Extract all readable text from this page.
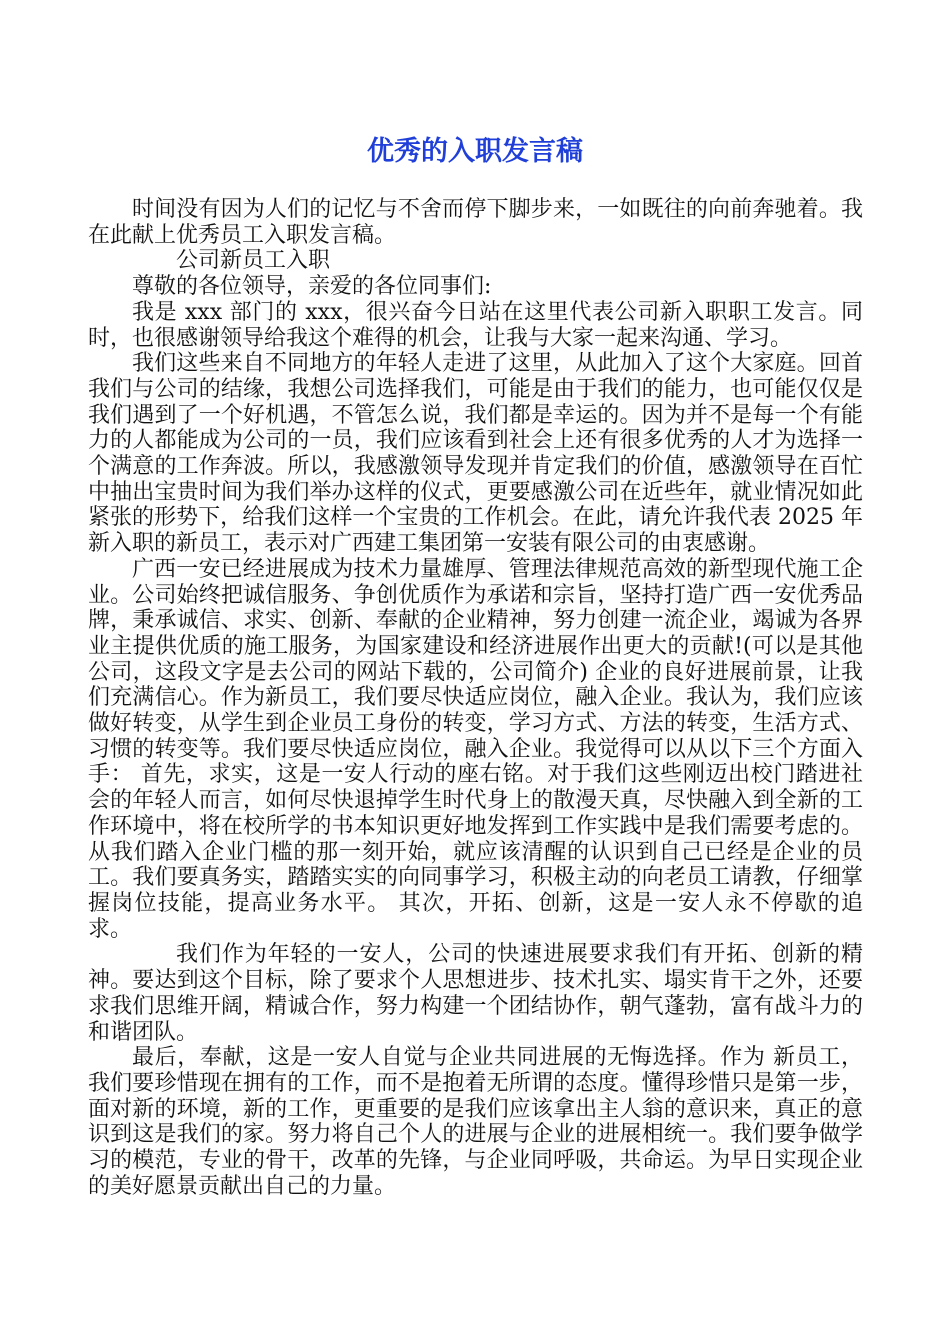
优秀的入职发言稿

时间没有因为人们的记忆与不舍而停下脚步来，一如既往的向前奔驰着。我在此献上优秀员工入职发言稿。

公司新员工入职

尊敬的各位领导，亲爱的各位同事们:

我是 xxx 部门的 xxx，很兴奋今日站在这里代表公司新入职职工发言。同时，也很感谢领导给我这个难得的机会，让我与大家一起来沟通、学习。

我们这些来自不同地方的年轻人走进了这里，从此加入了这个大家庭。回首我们与公司的结缘，我想公司选择我们，可能是由于我们的能力，也可能仅仅是我们遇到了一个好机遇，不管怎么说，我们都是幸运的。因为并不是每一个有能力的人都能成为公司的一员，我们应该看到社会上还有很多优秀的人才为选择一个满意的工作奔波。所以，我感激领导发现并肯定我们的价值，感激领导在百忙中抽出宝贵时间为我们举办这样的仪式，更要感激公司在近些年，就业情况如此紧张的形势下，给我们这样一个宝贵的工作机会。在此，请允许我代表 2025 年新入职的新员工，表示对广西建工集团第一安装有限公司的由衷感谢。

广西一安已经进展成为技术力量雄厚、管理法律规范高效的新型现代施工企业。公司始终把诚信服务、争创优质作为承诺和宗旨，坚持打造广西一安优秀品牌，秉承诚信、求实、创新、奉献的企业精神，努力创建一流企业，竭诚为各界业主提供优质的施工服务，为国家建设和经济进展作出更大的贡献!(可以是其他公司，这段文字是去公司的网站下载的，公司简介) 企业的良好进展前景，让我们充满信心。作为新员工，我们要尽快适应岗位，融入企业。我认为，我们应该做好转变，从学生到企业员工身份的转变，学习方式、方法的转变，生活方式、习惯的转变等。我们要尽快适应岗位，融入企业。我觉得可以从以下三个方面入手： 首先，求实，这是一安人行动的座右铭。对于我们这些刚迈出校门踏进社会的年轻人而言，如何尽快退掉学生时代身上的散漫天真，尽快融入到全新的工作环境中，将在校所学的书本知识更好地发挥到工作实践中是我们需要考虑的。从我们踏入企业门槛的那一刻开始，就应该清醒的认识到自己已经是企业的员工。我们要真务实，踏踏实实的向同事学习，积极主动的向老员工请教，仔细掌握岗位技能，提高业务水平。 其次，开拓、创新，这是一安人永不停歇的追求。

我们作为年轻的一安人，公司的快速进展要求我们有开拓、创新的精神。要达到这个目标，除了要求个人思想进步、技术扎实、塌实肯干之外，还要求我们思维开阔，精诚合作，努力构建一个团结协作，朝气蓬勃，富有战斗力的和谐团队。

最后，奉献，这是一安人自觉与企业共同进展的无悔选择。作为 新员工，我们要珍惜现在拥有的工作，而不是抱着无所谓的态度。懂得珍惜只是第一步，面对新的环境，新的工作，更重要的是我们应该拿出主人翁的意识来，真正的意识到这是我们的家。努力将自己个人的进展与企业的进展相统一。我们要争做学习的模范，专业的骨干，改革的先锋，与企业同呼吸，共命运。为早日实现企业的美好愿景贡献出自己的力量。
